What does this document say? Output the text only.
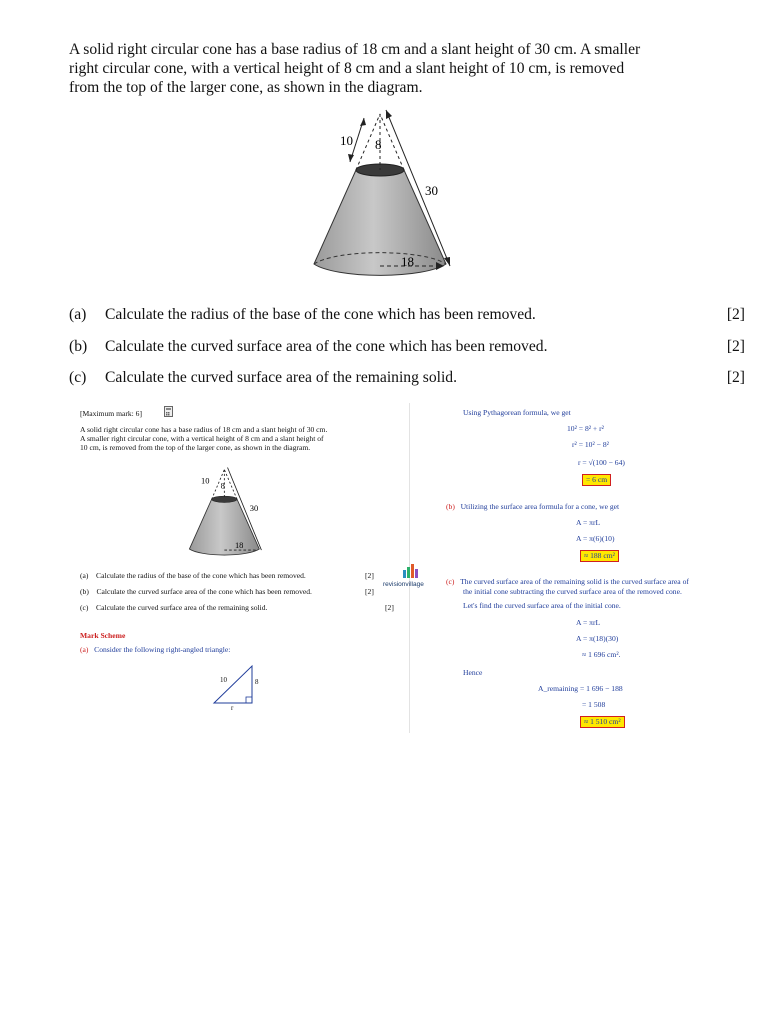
A solid right circular cone has a base radius of 18 cm and a slant height of 30 cm. A smaller
right circular cone, with a vertical height of 8 cm and a slant height of 10 cm, is removed
from the top of the larger cone, as shown in the diagram.
10 8
30
18
(a) Calculate the radius of the base of the cone which has been removed.	[2]
(b) Calculate the curved surface area of the cone which has been removed.	[2]
(c) Calculate the curved surface area of the remaining solid.	[2]
[Maximum mark: 6]
A solid right circular cone has a base radius of 18 cm and a slant height of 30 cm.
A smaller right circular cone, with a vertical height of 8 cm and a slant height of
10 cm, is removed from the top of the larger cone, as shown in the diagram.
10
8
30
18
(a)    Calculate the radius of the base of the cone which has been removed.	[2]
(b)    Calculate the curved surface area of the cone which has been removed.	[2]
(c)    Calculate the curved surface area of the remaining solid.	[2]
Mark Scheme
(a) Consider the following right-angled triangle:
10	8
r
revisionvillage
Using Pythagorean formula, we get
10² = 8² + r²
r² = 10² − 8²
r = √(100 − 64)
= 6 cm
(b) Utilizing the surface area formula for a cone, we get
A = πrL
A = π(6)(10)
≈ 188 cm²
(c) The curved surface area of the remaining solid is the curved surface area of
the initial cone subtracting the curved surface area of the removed cone.
Let's find the curved surface area of the initial cone.
A = πrL
A = π(18)(30)
≈ 1 696 cm².
Hence
A_remaining = 1 696 − 188
= 1 508
≈ 1 510 cm²
